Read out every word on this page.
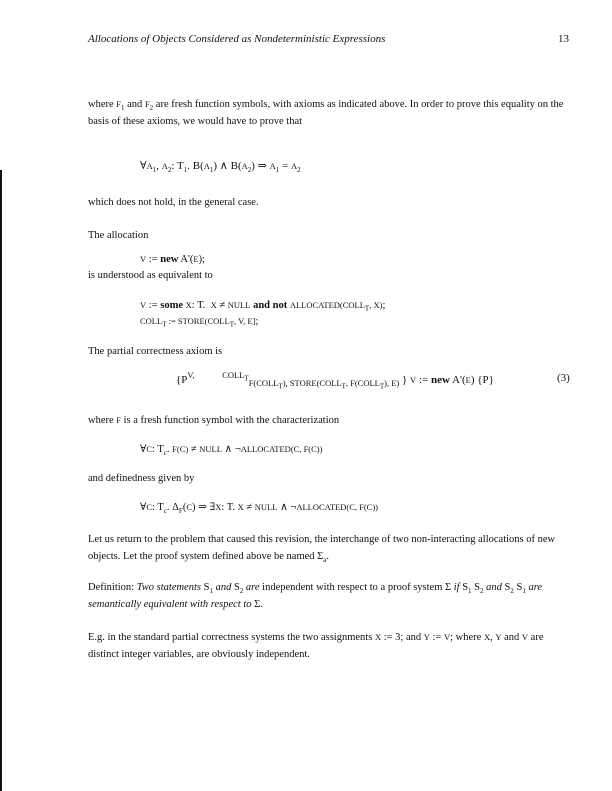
Allocations of Objects Considered as Nondeterministic Expressions	13
where $F_1$ and $F_2$ are fresh function symbols, with axioms as indicated above. In order to prove this equality on the basis of these axioms, we would have to prove that
$\forall A_1$, $A_2$: $T_1$. $B(A_1)$ ∧ $B(A_2)$ ⇒ $A_1 = A_2$
which does not hold, in the general case.
The allocation
V := new A'(E);
is understood as equivalent to
V := some X: T.  X ≠ NULL and not $ALLOCATED(COLL_T$, X);
$COLL_T$ := $STORE(COLL_T$, V, E];
The partial correctness axiom is
{$P^{V, COLL_T}_{F(COLL_T), STORE(COLL_T, F(COLL_T), E)}$ } V := new A'(E) {P}	(3)
where F is a fresh function symbol with the characterization
∀C: $T_c$. F(C) ≠ NULL ∧ ¬ALLOCATED(C, F(C))
and definedness given by
∀C: $T_c$. $\Delta_F(C)$ ⇒ ∃X: T. X ≠ NULL ∧ ¬ALLOCATED(C, F(C))
Let us return to the problem that caused this revision, the interchange of two non-interacting allocations of new objects. Let the proof system defined above be named $\Sigma_a$.
Definition: Two statements $S_1$ and $S_2$ are independent with respect to a proof system Σ if $S_1$ $S_2$ and $S_2$ $S_1$ are semantically equivalent with respect to Σ.
E.g. in the standard partial correctness systems the two assignments X := 3; and Y := V; where X, Y and V are distinct integer variables, are obviously independent.
